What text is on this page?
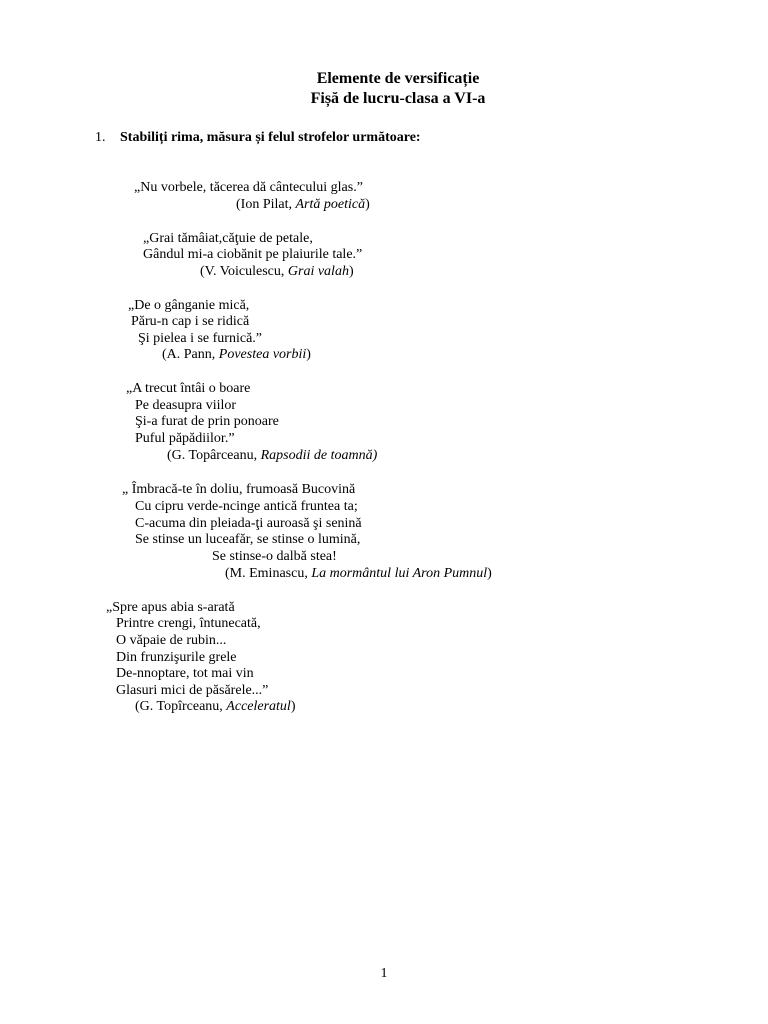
Elemente de versificație
Fișă de lucru-clasa a VI-a
1. Stabiliți rima, măsura și felul strofelor următoare:
„Nu vorbele, tăcerea dă cântecului glas.”
(Ion Pilat, Artă poetică)
„Grai tămâiat,căţuie de petale,
Gândul mi-a ciobănit pe plaiurile tale.”
(V. Voiculescu, Grai valah)
„De o gânganie mică,
Păru-n cap i se ridică
Şi pielea i se furnică.”
(A. Pann, Povestea vorbii)
„A trecut întâi o boare
Pe deasupra viilor
Şi-a furat de prin ponoare
Puful păpădiilor.”
(G. Topârceanu, Rapsodii de toamnă)
„ Îmbracă-te în doliu, frumoasă Bucovină
Cu cipru verde-ncinge antică fruntea ta;
C-acuma din pleiada-ţi auroasă şi senină
Se stinse un luceafăr, se stinse o lumină,
Se stinse-o dalbă stea!
(M. Eminascu, La mormântul lui Aron Pumnul)
„Spre apus abia s-arată
Printre crengi, întunecată,
O văpaie de rubin...
Din frunzişurile grele
De-nnoptare, tot mai vin
Glasuri mici de păsărele...”
(G. Topîrceanu, Acceleratul)
1
